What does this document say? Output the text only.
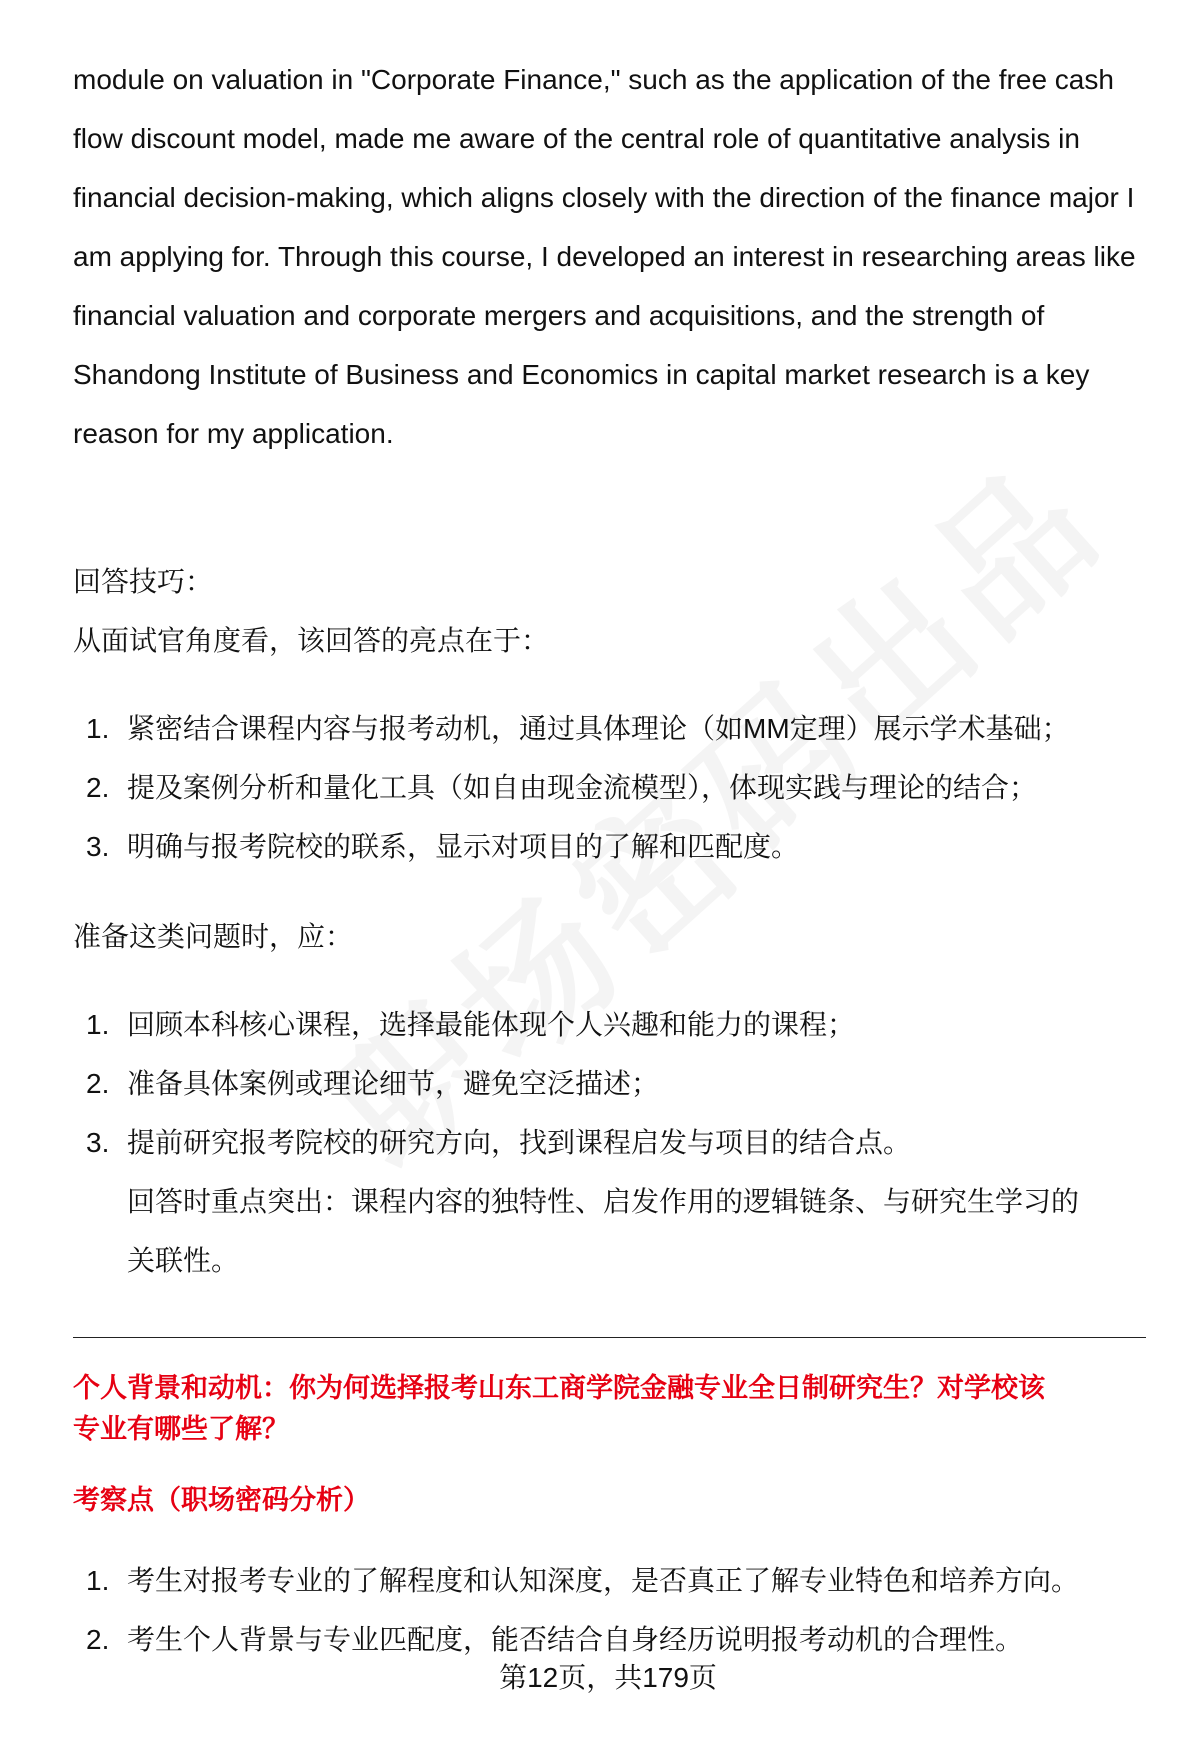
module on valuation in "Corporate Finance," such as the application of the free cash flow discount model, made me aware of the central role of quantitative analysis in financial decision-making, which aligns closely with the direction of the finance major I am applying for. Through this course, I developed an interest in researching areas like financial valuation and corporate mergers and acquisitions, and the strength of Shandong Institute of Business and Economics in capital market research is a key reason for my application.

回答技巧：
从面试官角度看，该回答的亮点在于：
1. 紧密结合课程内容与报考动机，通过具体理论（如MM定理）展示学术基础；
2. 提及案例分析和量化工具（如自由现金流模型），体现实践与理论的结合；
3. 明确与报考院校的联系，显示对项目的了解和匹配度。
准备这类问题时，应：
1. 回顾本科核心课程，选择最能体现个人兴趣和能力的课程；
2. 准备具体案例或理论细节，避免空泛描述；
3. 提前研究报考院校的研究方向，找到课程启发与项目的结合点。
回答时重点突出：课程内容的独特性、启发作用的逻辑链条、与研究生学习的
关联性。
个人背景和动机：你为何选择报考山东工商学院金融专业全日制研究生？对学校该
专业有哪些了解？
考察点（职场密码分析）
1. 考生对报考专业的了解程度和认知深度，是否真正了解专业特色和培养方向。
2. 考生个人背景与专业匹配度，能否结合自身经历说明报考动机的合理性。
第12页，共179页
